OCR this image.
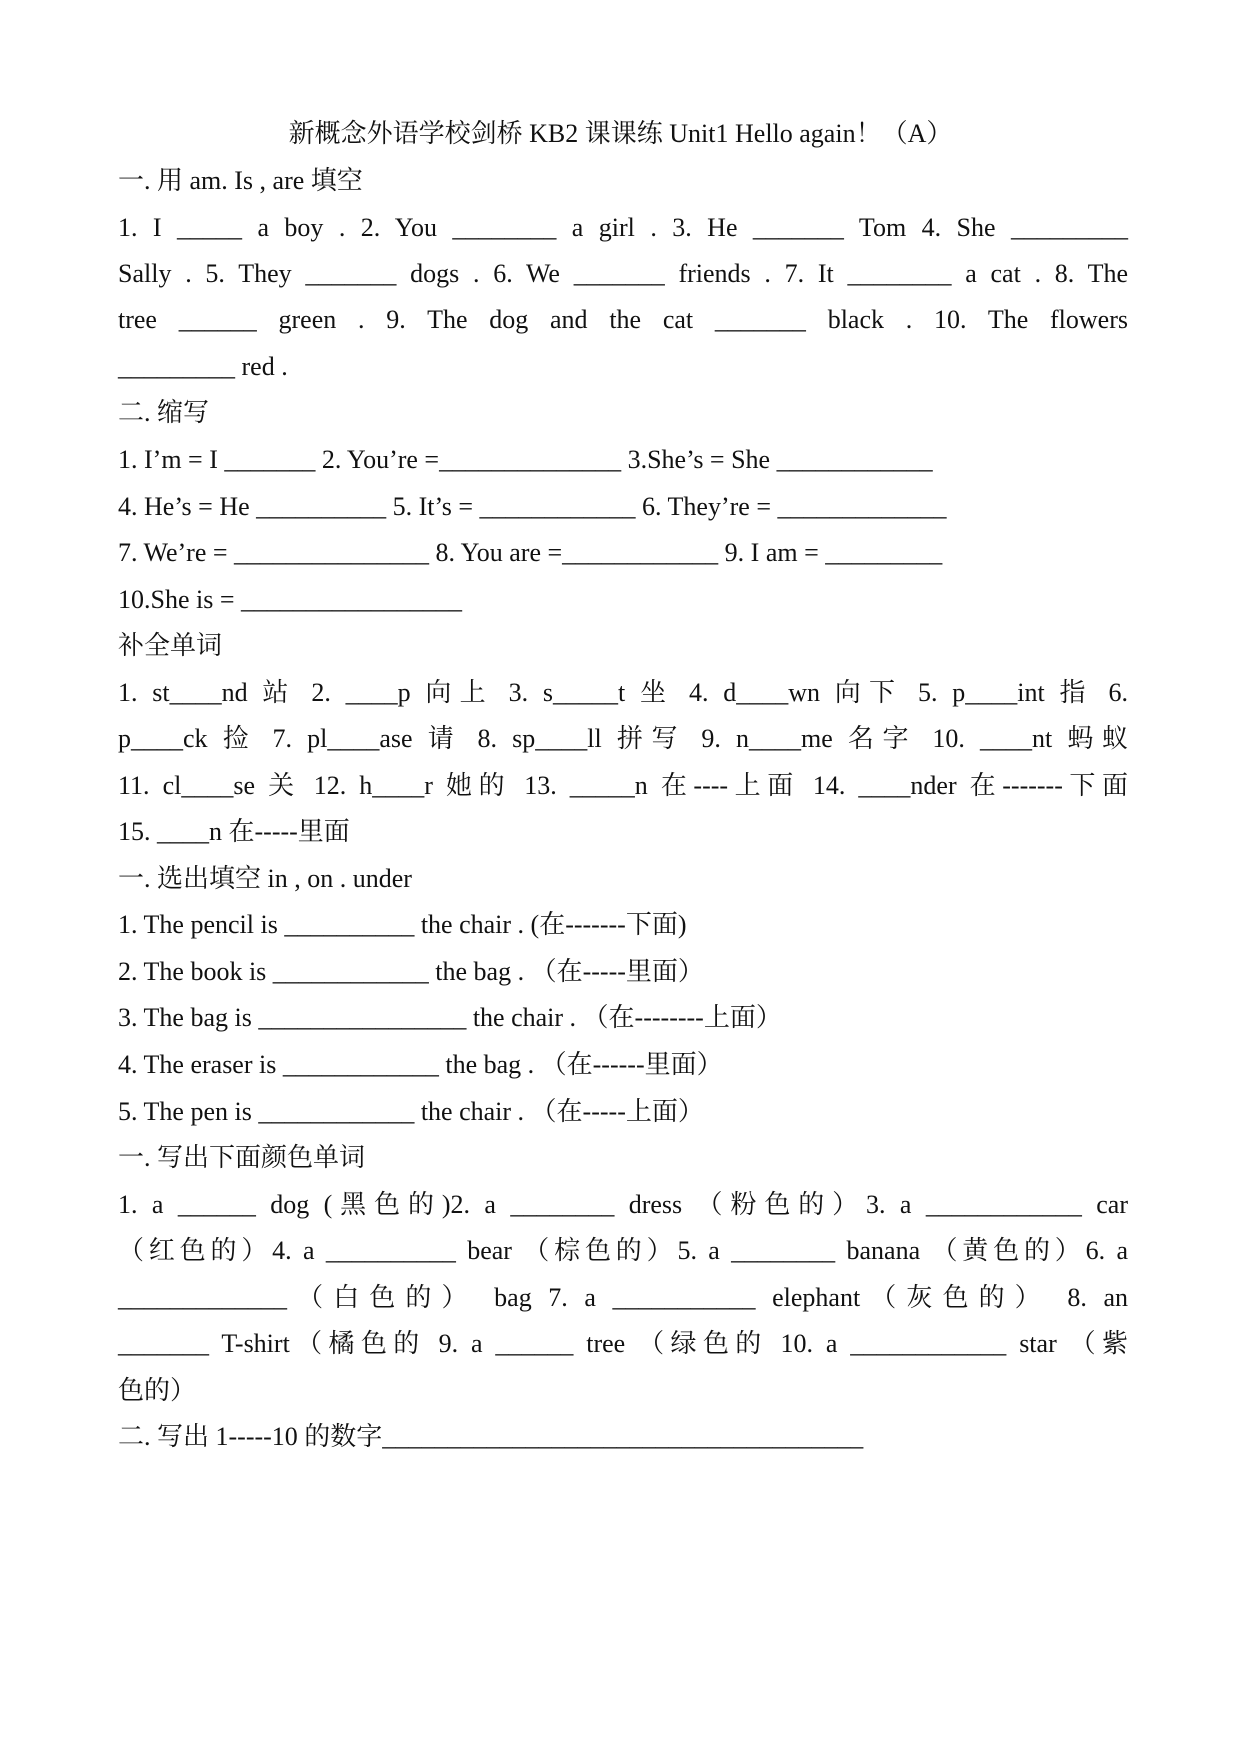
新概念外语学校剑桥 KB2 课课练 Unit1 Hello again！（A）
一. 用 am. Is , are 填空
1. I _____ a boy . 2. You ________ a girl . 3. He _______ Tom 4. She _________
Sally . 5. They _______ dogs . 6. We _______ friends . 7. It ________ a cat . 8. The
tree ______ green . 9. The dog and the cat _______ black . 10. The flowers
_________ red .
二. 缩写
1. I’m = I _______ 2. You’re =______________ 3.She’s = She ____________
4. He’s = He __________ 5. It’s = ____________ 6. They’re = _____________
7. We’re = _______________ 8. You are =____________ 9. I am = _________
10.She is = _________________
补全单词
1. st____nd 站 2. ____p 向上 3. s_____t 坐 4. d____wn 向下 5. p____int 指 6.
p____ck 捡 7. pl____ase 请 8. sp____ll 拼写 9. n____me 名字 10. ____nt 蚂蚁
11. cl____se 关 12. h____r 她的 13. _____n 在----上面 14. ____nder 在-------下面
15. ____n 在-----里面
一. 选出填空 in , on . under
1. The pencil is __________ the chair . (在-------下面)
2. The book is ____________ the bag . （在-----里面）
3. The bag is ________________ the chair . （在--------上面）
4. The eraser is ____________ the bag . （在------里面）
5. The pen is ____________ the chair . （在-----上面）
一. 写出下面颜色单词
1. a ______ dog (黑色的)2. a ________ dress （粉色的）3. a ____________ car
（红色的）4. a __________ bear （棕色的）5. a ________ banana （黄色的）6. a
_____________（白色的） bag 7. a ___________ elephant（灰色的） 8. an
_______ T-shirt（橘色的 9. a ______ tree （绿色的 10. a ____________ star （紫
色的）
二. 写出 1-----10 的数字_____________________________________
